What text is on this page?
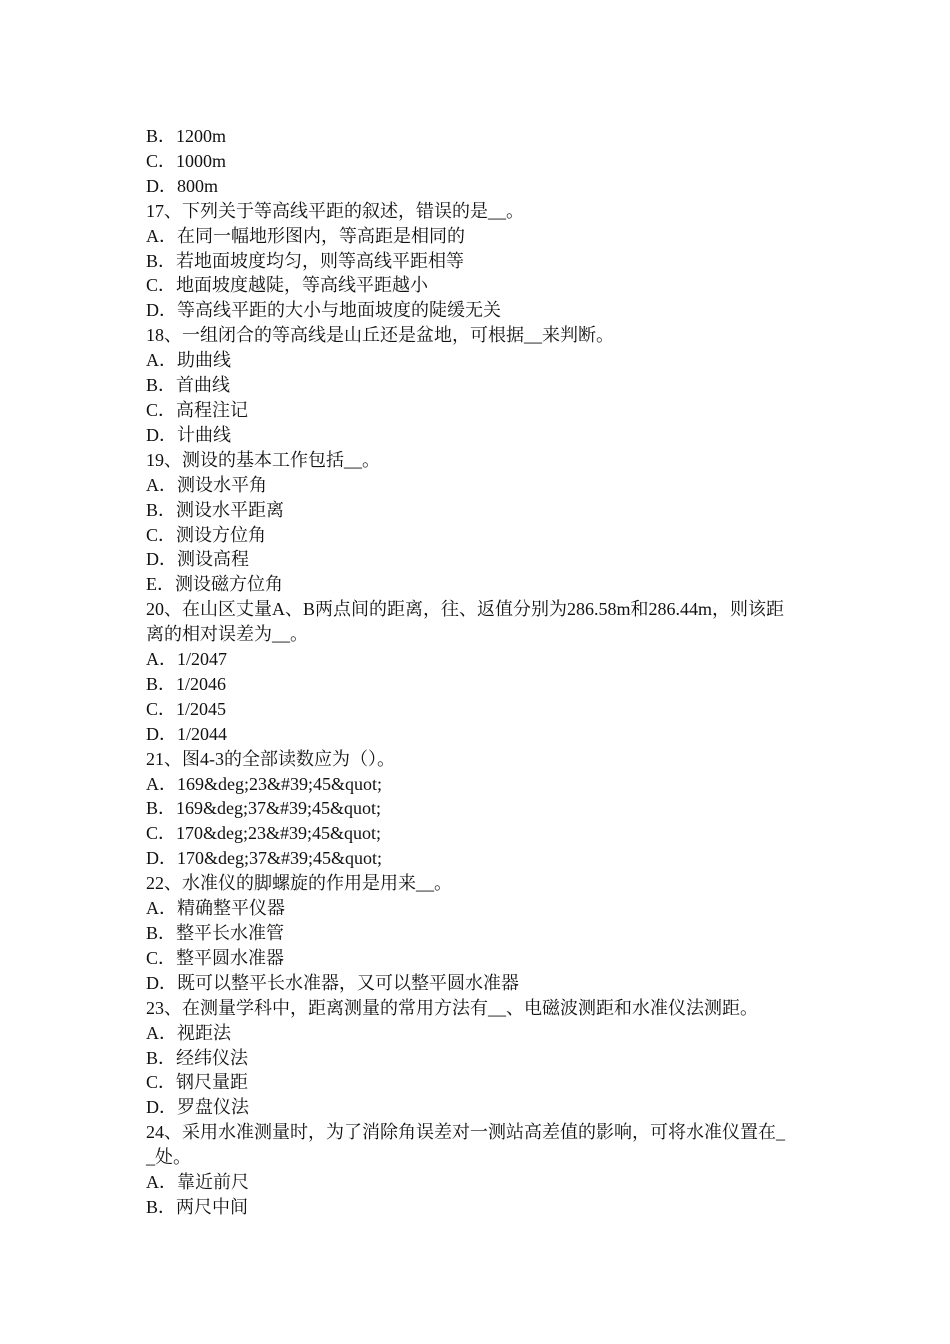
B．1200m
C．1000m
D．800m
17、下列关于等高线平距的叙述，错误的是__。
A．在同一幅地形图内，等高距是相同的
B．若地面坡度均匀，则等高线平距相等
C．地面坡度越陡，等高线平距越小
D．等高线平距的大小与地面坡度的陡缓无关
18、一组闭合的等高线是山丘还是盆地，可根据__来判断。
A．助曲线
B．首曲线
C．高程注记
D．计曲线
19、测设的基本工作包括__。
A．测设水平角
B．测设水平距离
C．测设方位角
D．测设高程
E．测设磁方位角
20、在山区丈量A、B两点间的距离，往、返值分别为286.58m和286.44m，则该距
离的相对误差为__。
A．1/2047
B．1/2046
C．1/2045
D．1/2044
21、图4-3的全部读数应为（）。
A．169&deg;23&#39;45&quot;
B．169&deg;37&#39;45&quot;
C．170&deg;23&#39;45&quot;
D．170&deg;37&#39;45&quot;
22、水准仪的脚螺旋的作用是用来__。
A．精确整平仪器
B．整平长水准管
C．整平圆水准器
D．既可以整平长水准器，又可以整平圆水准器
23、在测量学科中，距离测量的常用方法有__、电磁波测距和水准仪法测距。
A．视距法
B．经纬仪法
C．钢尺量距
D．罗盘仪法
24、采用水准测量时，为了消除角误差对一测站高差值的影响，可将水准仪置在_
_处。
A．靠近前尺
B．两尺中间
